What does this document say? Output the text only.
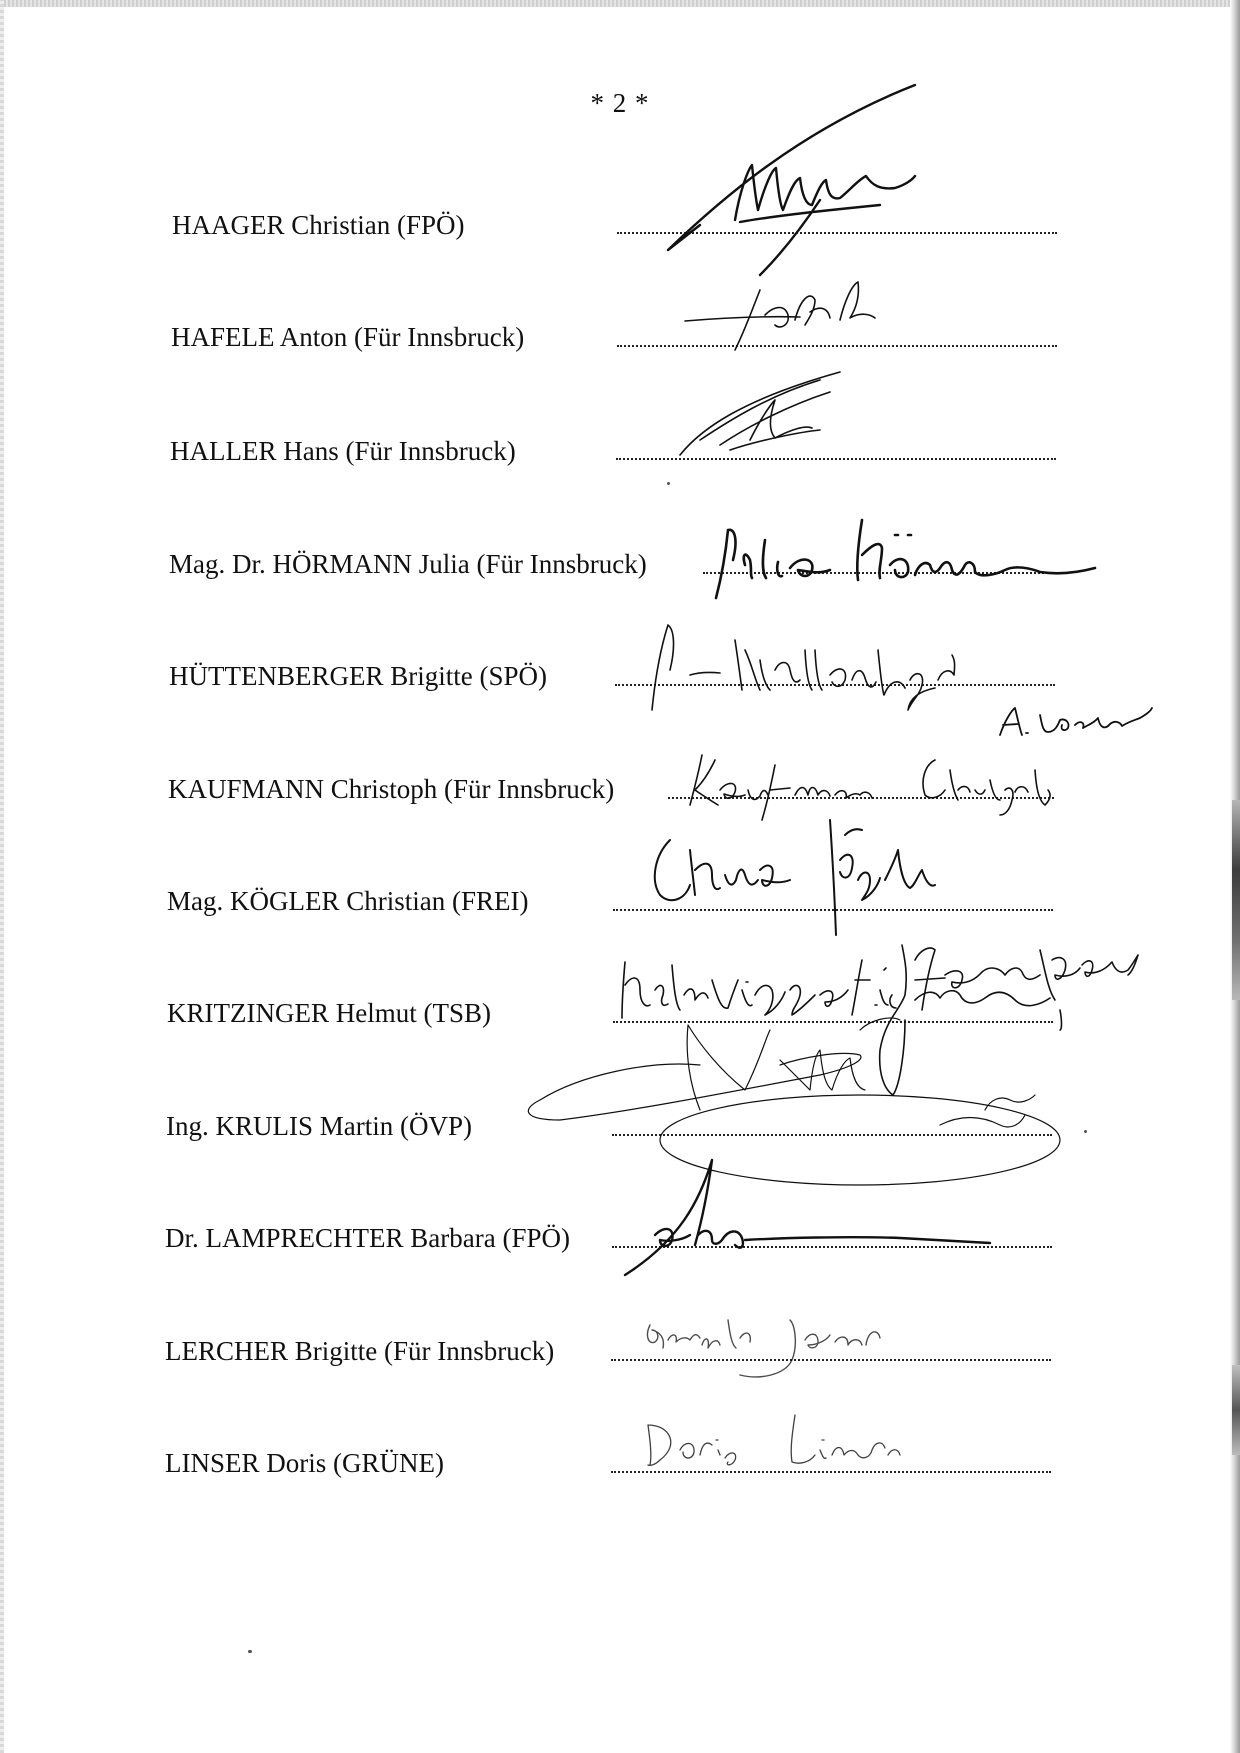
* 2 *
HAAGER Christian (FPÖ)
HAFELE Anton (Für Innsbruck)
HALLER Hans (Für Innsbruck)
Mag. Dr. HÖRMANN Julia (Für Innsbruck)
HÜTTENBERGER Brigitte (SPÖ)
KAUFMANN Christoph (Für Innsbruck)
Mag. KÖGLER Christian (FREI)
KRITZINGER Helmut (TSB)
Ing. KRULIS Martin (ÖVP)
Dr. LAMPRECHTER Barbara (FPÖ)
LERCHER Brigitte (Für Innsbruck)
LINSER Doris (GRÜNE)
